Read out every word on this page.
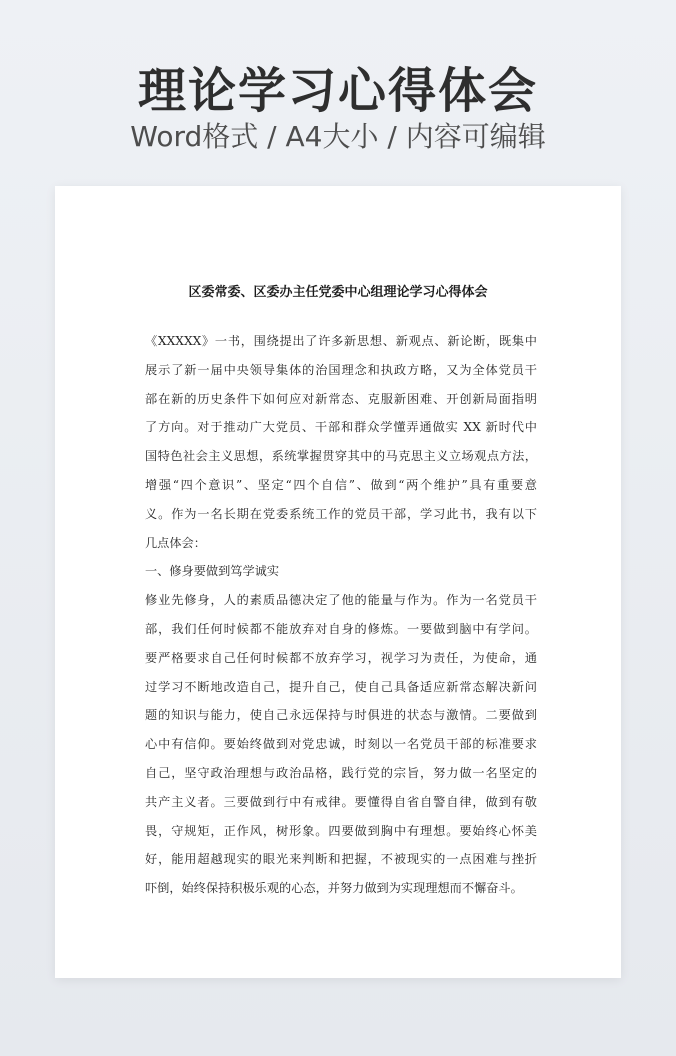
理论学习心得体会
Word格式 / A4大小 / 内容可编辑
区委常委、区委办主任党委中心组理论学习心得体会
《XXXXX》一书，围绕提出了许多新思想、新观点、新论断，既集中
展示了新一届中央领导集体的治国理念和执政方略，又为全体党员干
部在新的历史条件下如何应对新常态、克服新困难、开创新局面指明
了方向。对于推动广大党员、干部和群众学懂弄通做实 XX 新时代中
国特色社会主义思想，系统掌握贯穿其中的马克思主义立场观点方法，
增强“四个意识”、坚定“四个自信”、做到“两个维护”具有重要意
义。作为一名长期在党委系统工作的党员干部，学习此书，我有以下
几点体会：
一、修身要做到笃学诚实
修业先修身，人的素质品德决定了他的能量与作为。作为一名党员干
部，我们任何时候都不能放弃对自身的修炼。一要做到脑中有学问。
要严格要求自己任何时候都不放弃学习，视学习为责任，为使命，通
过学习不断地改造自己，提升自己，使自己具备适应新常态解决新问
题的知识与能力，使自己永远保持与时俱进的状态与激情。二要做到
心中有信仰。要始终做到对党忠诚，时刻以一名党员干部的标准要求
自己，坚守政治理想与政治品格，践行党的宗旨，努力做一名坚定的
共产主义者。三要做到行中有戒律。要懂得自省自警自律，做到有敬
畏，守规矩，正作风，树形象。四要做到胸中有理想。要始终心怀美
好，能用超越现实的眼光来判断和把握，不被现实的一点困难与挫折
吓倒，始终保持积极乐观的心态，并努力做到为实现理想而不懈奋斗。
